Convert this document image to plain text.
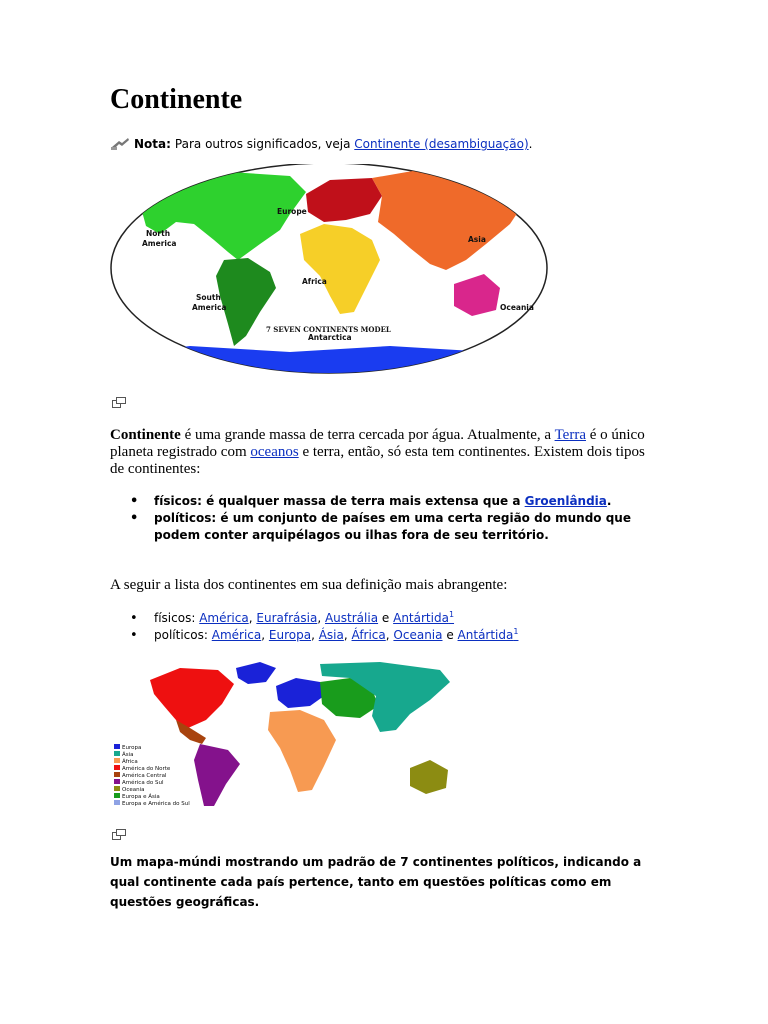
Continente
Nota: Para outros significados, veja
Continente (desambiguação) .
North
America
Europe
Asia
Africa
South
America	Oceania
Antarctica
7 SEVEN CONTINENTS MODEL

Continente é uma grande massa de terra cercada por água. Atualmente, a Terra é o único planeta registrado com oceanos e terra, então, só esta tem continentes. Existem dois tipos de continentes:

• físicos: é qualquer massa de terra mais extensa que a Groenlândia.
• políticos: é um conjunto de países em uma certa região do mundo que podem conter arquipélagos ou ilhas fora de seu território.

A seguir a lista dos continentes em sua definição mais abrangente:

• físicos: América, Eurafrásia, Austrália e Antártida$^1$
• políticos: América, Europa, Ásia, África, Oceania e Antártida$^1$
Europa
Ásia
África
América do Norte
América Central
América do Sul
Oceania
Europa e Ásia
Europa e América do Sul
Um mapa-múndi mostrando um padrão de 7 continentes políticos, indicando a qual continente cada país pertence, tanto em questões políticas como em questões geográficas.
